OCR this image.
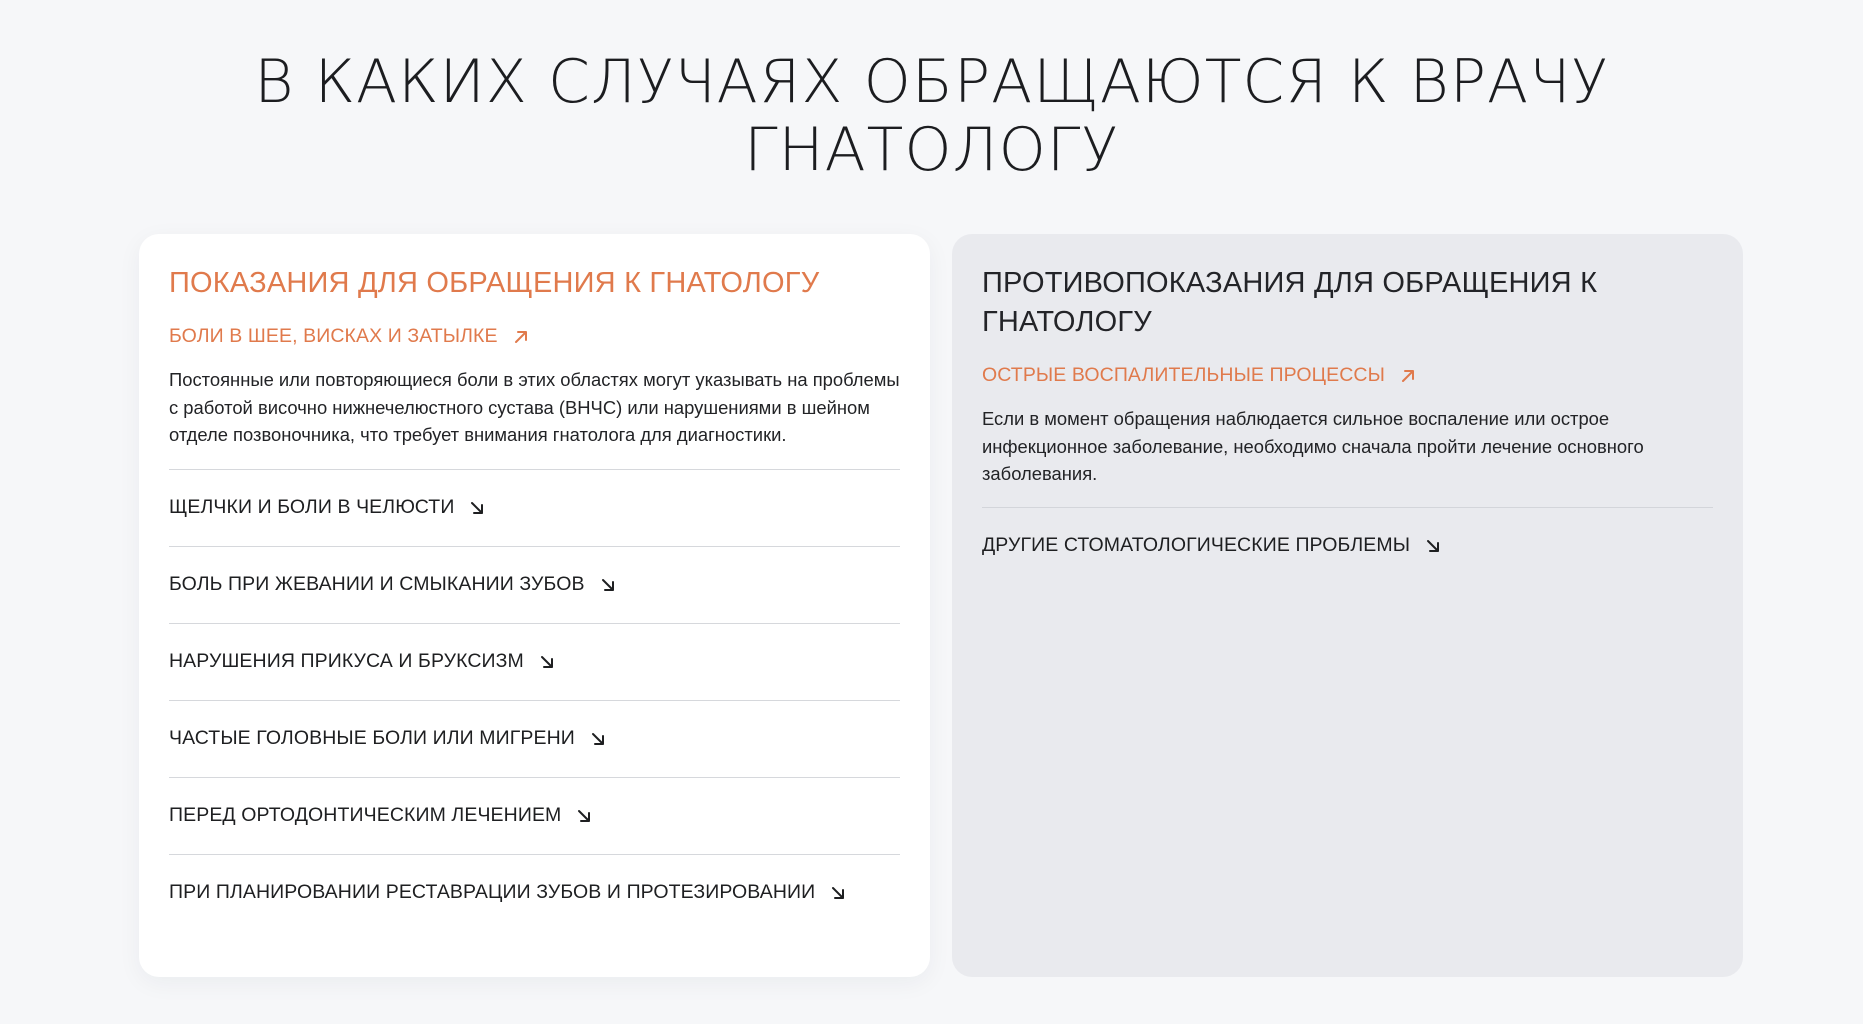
В КАКИХ СЛУЧАЯХ ОБРАЩАЮТСЯ К ВРАЧУ
ГНАТОЛОГУ
ПОКАЗАНИЯ ДЛЯ ОБРАЩЕНИЯ К ГНАТОЛОГУ
БОЛИ В ШЕЕ, ВИСКАХ И ЗАТЫЛКЕ

Постоянные или повторяющиеся боли в этих областях могут указывать на проблемы с работой височно нижнечелюстного сустава (ВНЧС) или нарушениями в шейном отделе позвоночника, что требует внимания гнатолога для диагностики.

ЩЕЛЧКИ И БОЛИ В ЧЕЛЮСТИ
БОЛЬ ПРИ ЖЕВАНИИ И СМЫКАНИИ ЗУБОВ
НАРУШЕНИЯ ПРИКУСА И БРУКСИЗМ
ЧАСТЫЕ ГОЛОВНЫЕ БОЛИ ИЛИ МИГРЕНИ
ПЕРЕД ОРТОДОНТИЧЕСКИМ ЛЕЧЕНИЕМ
ПРИ ПЛАНИРОВАНИИ РЕСТАВРАЦИИ ЗУБОВ И ПРОТЕЗИРОВАНИИ
ПРОТИВОПОКАЗАНИЯ ДЛЯ ОБРАЩЕНИЯ К ГНАТОЛОГУ
ОСТРЫЕ ВОСПАЛИТЕЛЬНЫЕ ПРОЦЕССЫ

Если в момент обращения наблюдается сильное воспаление или острое инфекционное заболевание, необходимо сначала пройти лечение основного заболевания.

ДРУГИЕ СТОМАТОЛОГИЧЕСКИЕ ПРОБЛЕМЫ
